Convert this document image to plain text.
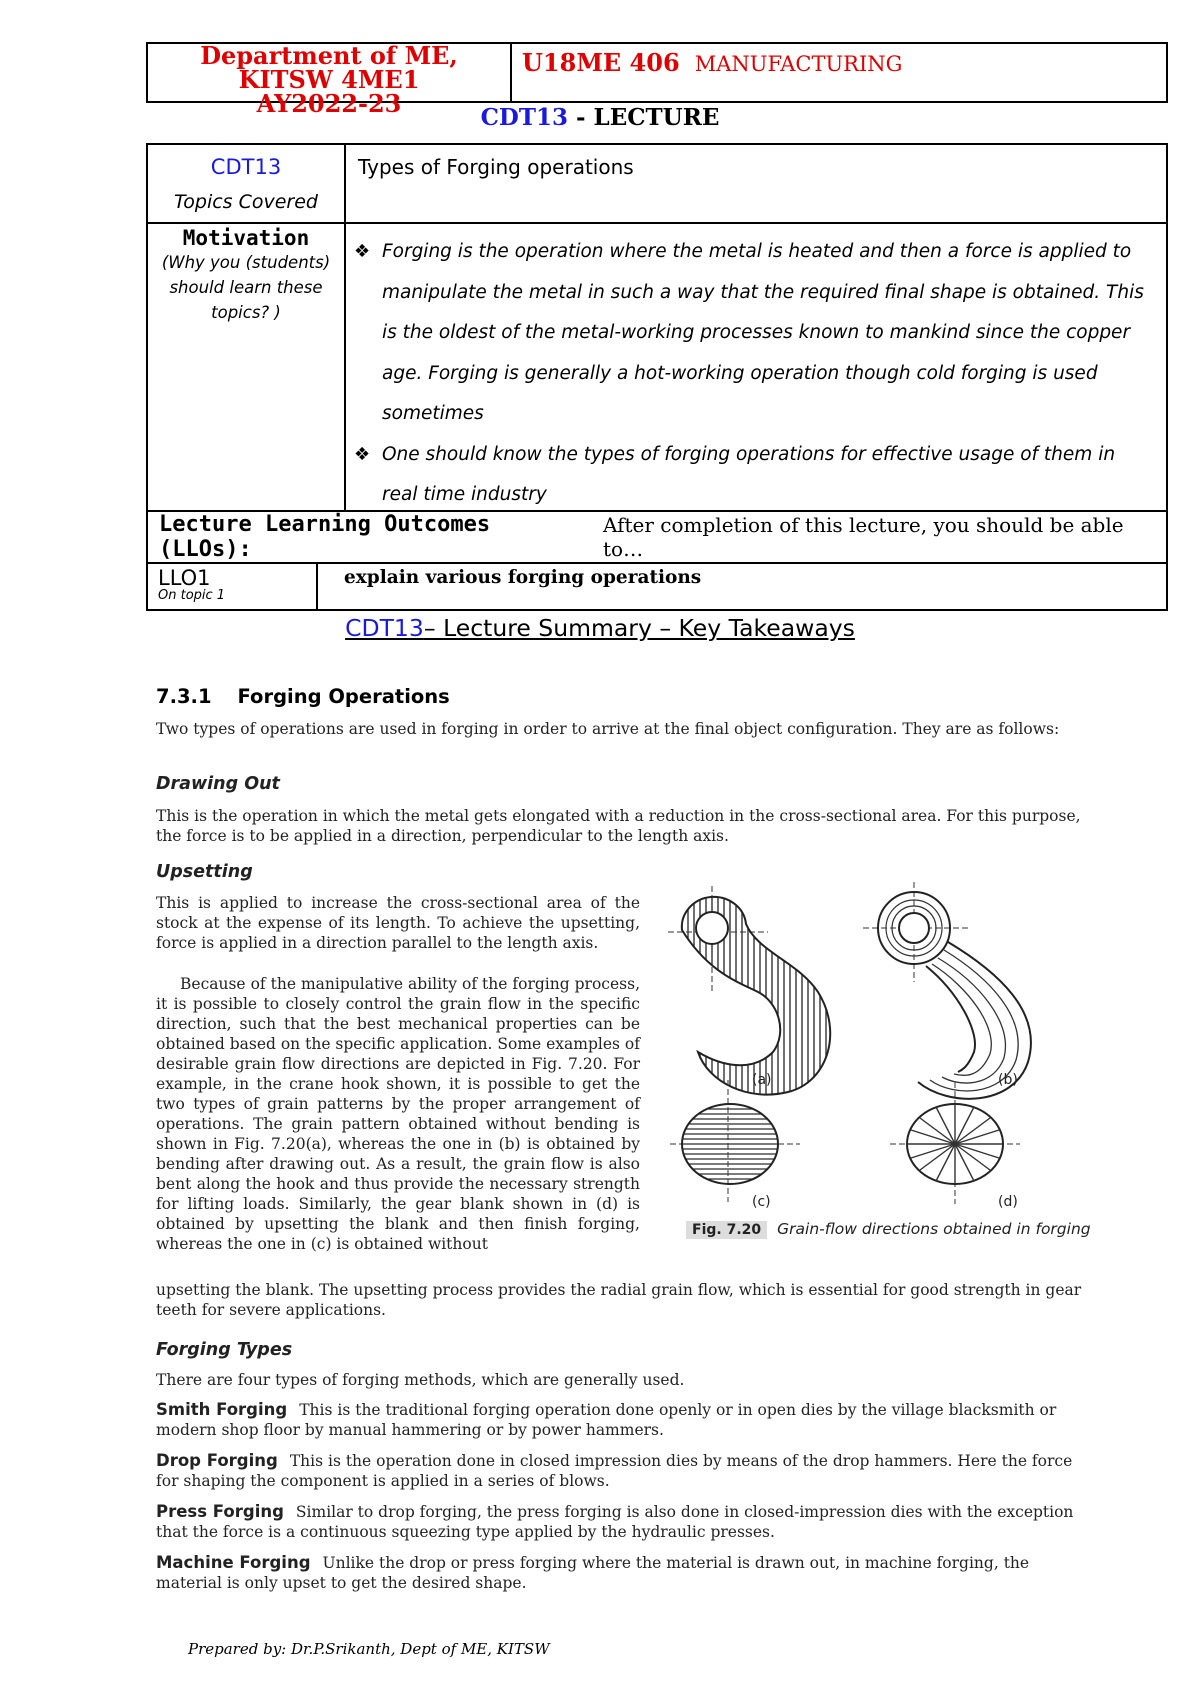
Department of ME,
KITSW 4ME1
AY2022-23
U18ME 406 MANUFACTURING
CDT13 - LECTURE
CDT13
Topics Covered
Types of Forging operations
Motivation
(Why you (students) should learn these topics? )
❖ Forging is the operation where the metal is heated and then a force is applied to manipulate the metal in such a way that the required final shape is obtained. This is the oldest of the metal-working processes known to mankind since the copper age. Forging is generally a hot-working operation though cold forging is used sometimes
❖ One should know the types of forging operations for effective usage of them in real time industry
Lecture Learning Outcomes (LLOs):
After completion of this lecture, you should be able to…
LLO1
On topic 1
explain various forging operations
CDT13– Lecture Summary – Key Takeaways
7.3.1 Forging Operations
Two types of operations are used in forging in order to arrive at the final object configuration. They are as follows:
Drawing Out
This is the operation in which the metal gets elongated with a reduction in the cross-sectional area. For this purpose, the force is to be applied in a direction, perpendicular to the length axis.
Upsetting
This is applied to increase the cross-sectional area of the stock at the expense of its length. To achieve the upsetting, force is applied in a direction parallel to the length axis.
Because of the manipulative ability of the forging process, it is possible to closely control the grain flow in the specific direction, such that the best mechanical properties can be obtained based on the specific application. Some examples of desirable grain flow directions are depicted in Fig. 7.20. For example, in the crane hook shown, it is possible to get the two types of grain patterns by the proper arrangement of operations. The grain pattern obtained without bending is shown in Fig. 7.20(a), whereas the one in (b) is obtained by bending after drawing out. As a result, the grain flow is also bent along the hook and thus provide the necessary strength for lifting loads. Similarly, the gear blank shown in (d) is obtained by upsetting the blank and then finish forging, whereas the one in (c) is obtained without
upsetting the blank. The upsetting process provides the radial grain flow, which is essential for good strength in gear teeth for severe applications.
(a)	(b)
(c)	(d)
Fig. 7.20 Grain-flow directions obtained in forging
Forging Types
There are four types of forging methods, which are generally used.
Smith Forging This is the traditional forging operation done openly or in open dies by the village blacksmith or modern shop floor by manual hammering or by power hammers.
Drop Forging This is the operation done in closed impression dies by means of the drop hammers. Here the force for shaping the component is applied in a series of blows.
Press Forging Similar to drop forging, the press forging is also done in closed-impression dies with the exception that the force is a continuous squeezing type applied by the hydraulic presses.
Machine Forging Unlike the drop or press forging where the material is drawn out, in machine forging, the material is only upset to get the desired shape.
Prepared by: Dr.P.Srikanth, Dept of ME, KITSW
